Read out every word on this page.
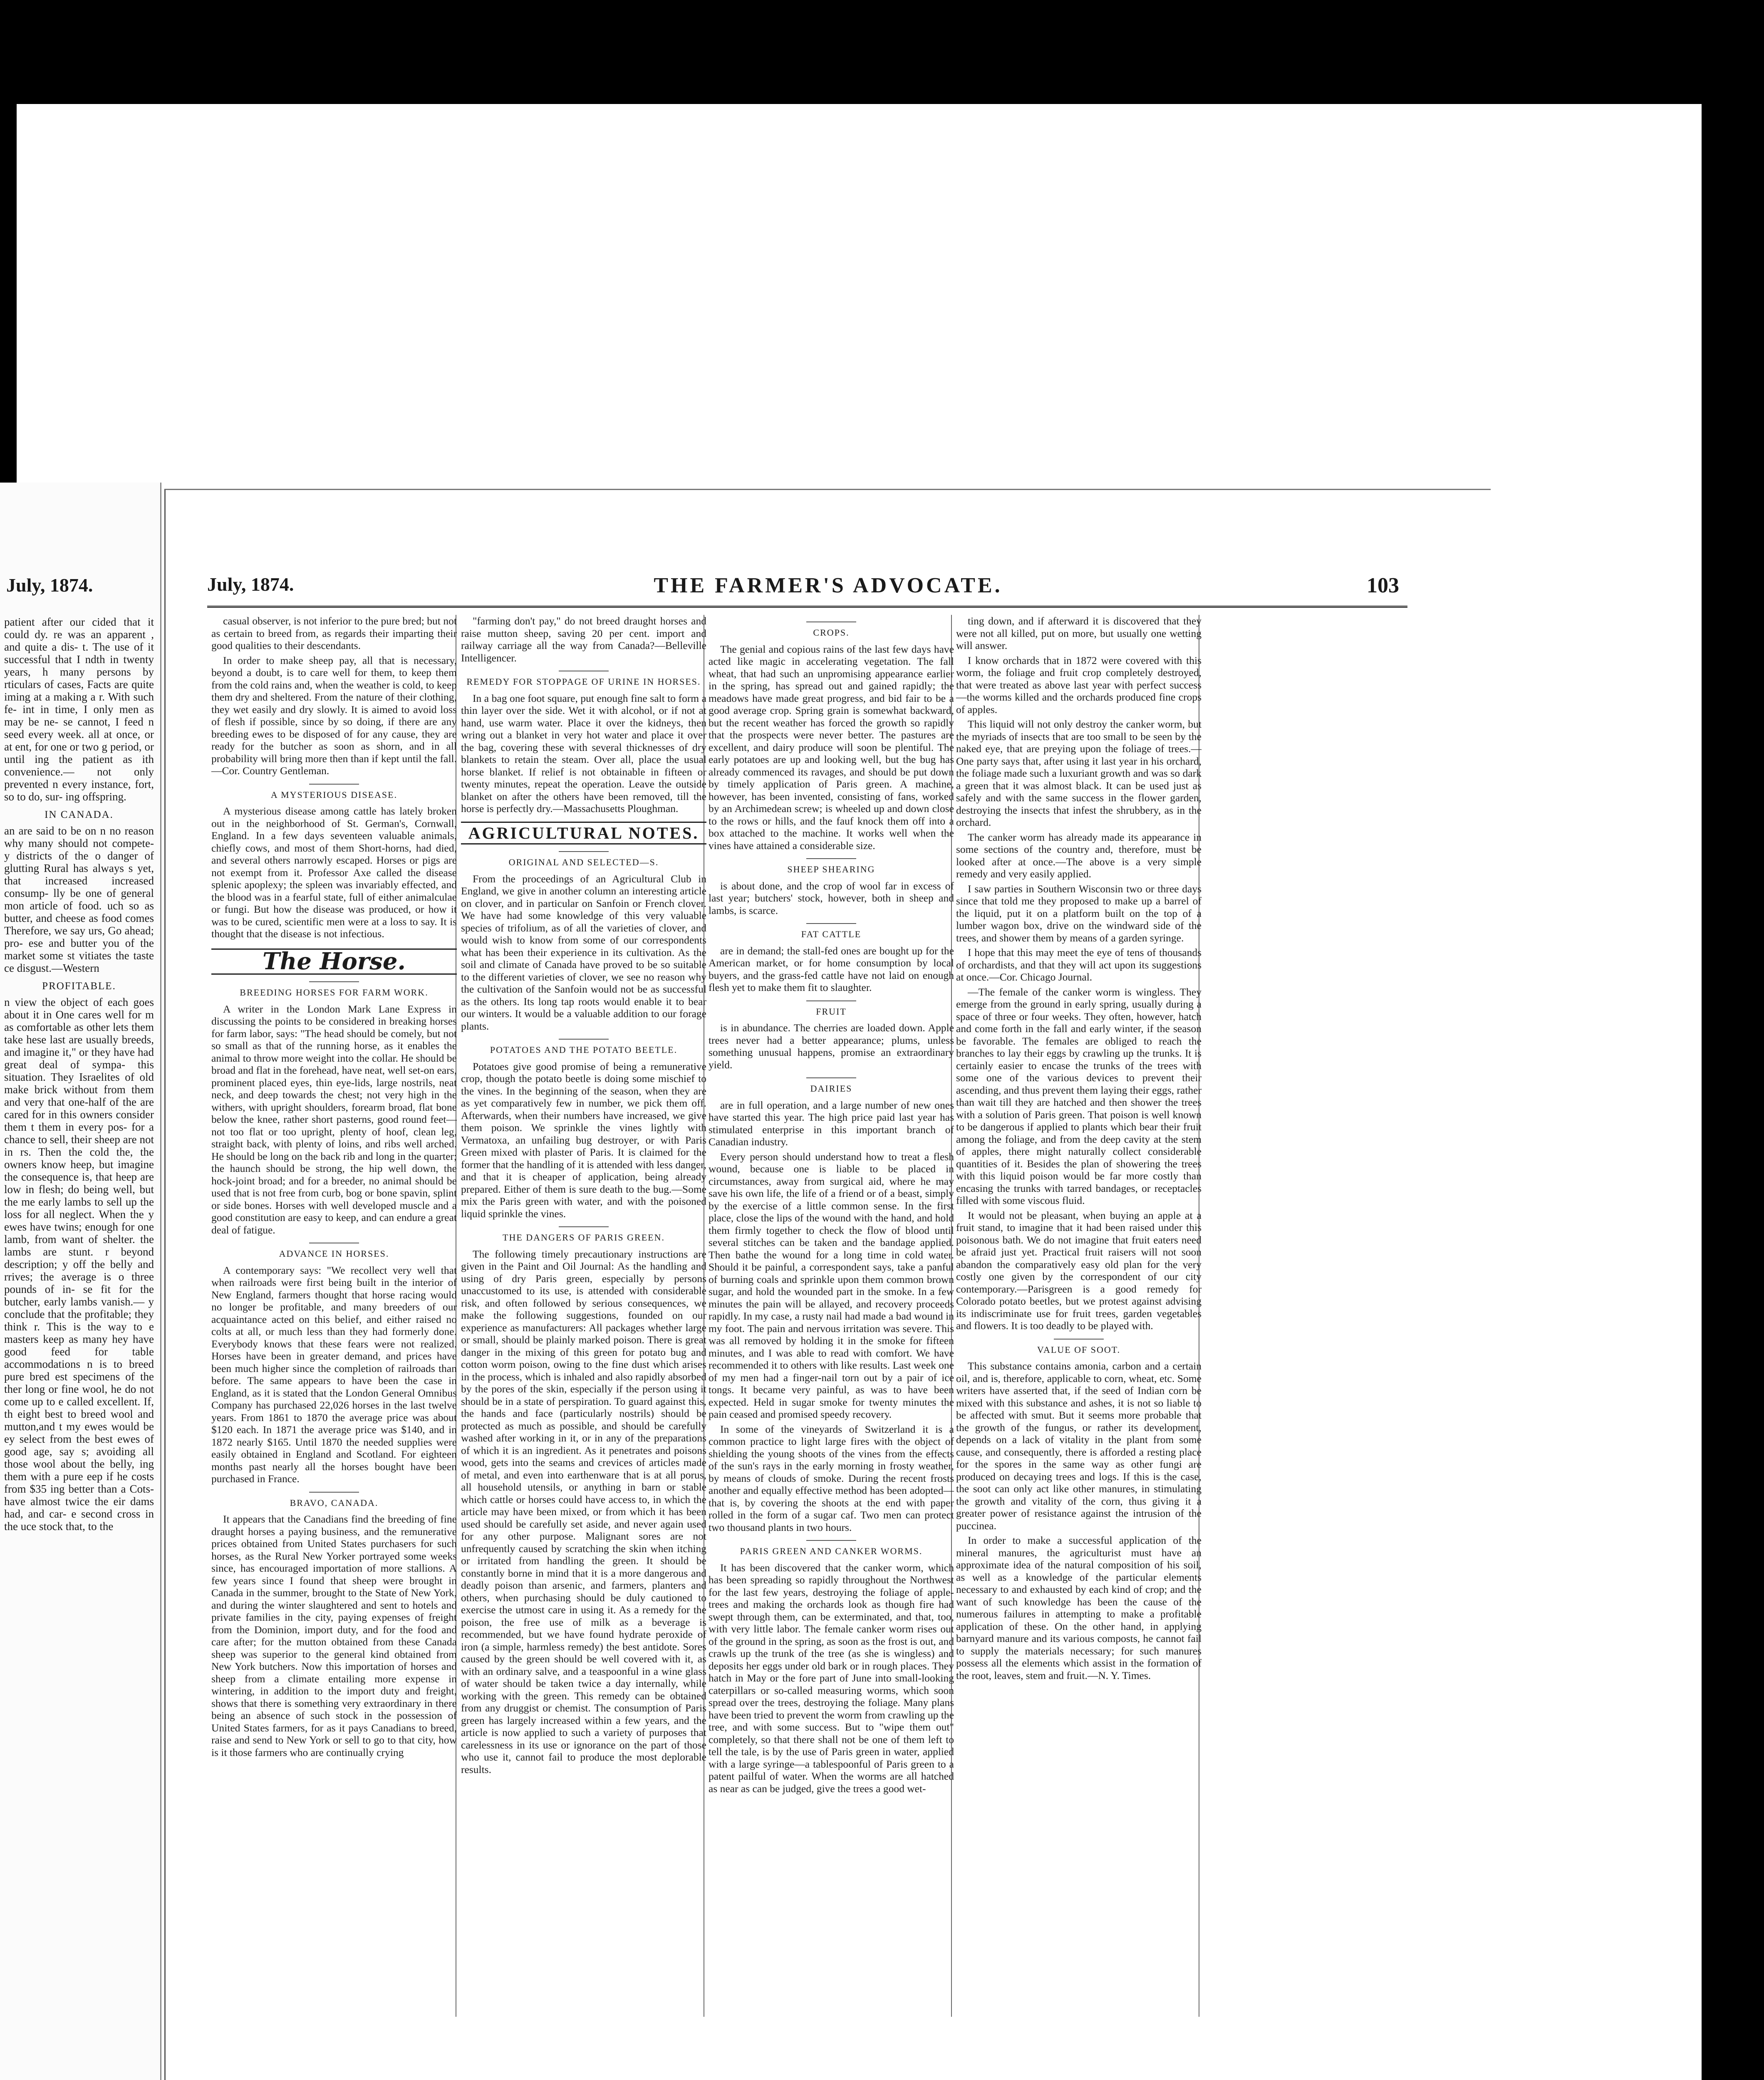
July, 1874.

patient after our cided that it could dy. re was an apparent , and quite a dis- t. The use of it successful that I ndth in twenty years, h many persons by rticulars of cases, Facts are quite iming at a making a r. With such fe- int in time, I only men as may be ne- se cannot, I feed n seed every week. all at once, or at ent, for one or two g period, or until ing the patient as ith convenience.— not only prevented n every instance, fort, so to do, sur- ing offspring.

IN CANADA.

an are said to be on n no reason why many should not compete- y districts of the o danger of glutting Rural has always s yet, that increased increased consump- lly be one of general mon article of food. uch so as butter, and cheese as food comes Therefore, we say urs, Go ahead; pro- ese and butter you of the market some st vitiates the taste ce disgust.—Western

PROFITABLE.

n view the object of each goes about it in One cares well for m as comfortable as other lets them take hese last are usually breeds, and imagine it," or they have had great deal of sympa- this situation. They Israelites of old make brick without from them and very that one-half of the are cared for in this owners consider them t them in every pos- for a chance to sell, their sheep are not in rs. Then the cold the, the owners know heep, but imagine the consequence is, that heep are low in flesh; do being well, but the me early lambs to sell up the loss for all neglect. When the y ewes have twins; enough for one lamb, from want of shelter. the lambs are stunt. r beyond description; y off the belly and rrives; the average is o three pounds of in- se fit for the butcher, early lambs vanish.— y conclude that the profitable; they think r. This is the way to e masters keep as many hey have good feed for table accommodations n is to breed pure bred est specimens of the ther long or fine wool, he do not come up to e called excellent. If, th eight best to breed wool and mutton,and t my ewes would be ey select from the best ewes of good age, say s; avoiding all those wool about the belly, ing them with a pure eep if he costs from $35 ing better than a Cots- have almost twice the eir dams had, and car- e second cross in the uce stock that, to the

July, 1874.	THE FARMER'S ADVOCATE.	103

casual observer, is not inferior to the pure bred; but not as certain to breed from, as regards their imparting their good qualities to their descendants.

In order to make sheep pay, all that is necessary, beyond a doubt, is to care well for them, to keep them from the cold rains and, when the weather is cold, to keep them dry and sheltered. From the nature of their clothing, they wet easily and dry slowly. It is aimed to avoid loss of flesh if possible, since by so doing, if there are any breeding ewes to be disposed of for any cause, they are ready for the butcher as soon as shorn, and in all probability will bring more then than if kept until the fall.—Cor. Country Gentleman.

A MYSTERIOUS DISEASE.

A mysterious disease among cattle has lately broken out in the neighborhood of St. German's, Cornwall, England. In a few days seventeen valuable animals, chiefly cows, and most of them Short-horns, had died, and several others narrowly escaped. Horses or pigs are not exempt from it. Professor Axe called the disease splenic apoplexy; the spleen was invariably effected, and the blood was in a fearful state, full of either animalculae or fungi. But how the disease was produced, or how it was to be cured, scientific men were at a loss to say. It is thought that the disease is not infectious.

The Horse.
BREEDING HORSES FOR FARM WORK.

A writer in the London Mark Lane Express in discussing the points to be considered in breaking horses for farm labor, says: "The head should be comely, but not so small as that of the running horse, as it enables the animal to throw more weight into the collar. He should be broad and flat in the forehead, have neat, well set-on ears, prominent placed eyes, thin eye-lids, large nostrils, neat neck, and deep towards the chest; not very high in the withers, with upright shoulders, forearm broad, flat bone below the knee, rather short pasterns, good round feet—not too flat or too upright, plenty of hoof, clean leg, straight back, with plenty of loins, and ribs well arched. He should be long on the back rib and long in the quarter; the haunch should be strong, the hip well down, the hock-joint broad; and for a breeder, no animal should be used that is not free from curb, bog or bone spavin, splint or side bones. Horses with well developed muscle and a good constitution are easy to keep, and can endure a great deal of fatigue.

ADVANCE IN HORSES.

A contemporary says: "We recollect very well that when railroads were first being built in the interior of New England, farmers thought that horse racing would no longer be profitable, and many breeders of our acquaintance acted on this belief, and either raised no colts at all, or much less than they had formerly done. Everybody knows that these fears were not realized. Horses have been in greater demand, and prices have been much higher since the completion of railroads than before. The same appears to have been the case in England, as it is stated that the London General Omnibus Company has purchased 22,026 horses in the last twelve years. From 1861 to 1870 the average price was about $120 each. In 1871 the average price was $140, and in 1872 nearly $165. Until 1870 the needed supplies were easily obtained in England and Scotland. For eighteen months past nearly all the horses bought have been purchased in France.

BRAVO, CANADA.

It appears that the Canadians find the breeding of fine draught horses a paying business, and the remunerative prices obtained from United States purchasers for such horses, as the Rural New Yorker portrayed some weeks since, has encouraged importation of more stallions. A few years since I found that sheep were brought in Canada in the summer, brought to the State of New York, and during the winter slaughtered and sent to hotels and private families in the city, paying expenses of freight from the Dominion, import duty, and for the food and care after; for the mutton obtained from these Canada sheep was superior to the general kind obtained from New York butchers. Now this importation of horses and sheep from a climate entailing more expense in wintering, in addition to the import duty and freight, shows that there is something very extraordinary in there being an absence of such stock in the possession of United States farmers, for as it pays Canadians to breed, raise and send to New York or sell to go to that city, how is it those farmers who are continually crying

"farming don't pay," do not breed draught horses and raise mutton sheep, saving 20 per cent. import and railway carriage all the way from Canada?—Belleville Intelligencer.

REMEDY FOR STOPPAGE OF URINE IN HORSES.

In a bag one foot square, put enough fine salt to form a thin layer over the side. Wet it with alcohol, or if not at hand, use warm water. Place it over the kidneys, then wring out a blanket in very hot water and place it over the bag, covering these with several thicknesses of dry blankets to retain the steam. Over all, place the usual horse blanket. If relief is not obtainable in fifteen or twenty minutes, repeat the operation. Leave the outside blanket on after the others have been removed, till the horse is perfectly dry.—Massachusetts Ploughman.

AGRICULTURAL NOTES.
ORIGINAL AND SELECTED—S.

From the proceedings of an Agricultural Club in England, we give in another column an interesting article on clover, and in particular on Sanfoin or French clover. We have had some knowledge of this very valuable species of trifolium, as of all the varieties of clover, and would wish to know from some of our correspondents what has been their experience in its cultivation. As the soil and climate of Canada have proved to be so suitable to the different varieties of clover, we see no reason why the cultivation of the Sanfoin would not be as successful as the others. Its long tap roots would enable it to bear our winters. It would be a valuable addition to our forage plants.

POTATOES AND THE POTATO BEETLE.

Potatoes give good promise of being a remunerative crop, though the potato beetle is doing some mischief to the vines. In the beginning of the season, when they are as yet comparatively few in number, we pick them off. Afterwards, when their numbers have increased, we give them poison. We sprinkle the vines lightly with Vermatoxa, an unfailing bug destroyer, or with Paris Green mixed with plaster of Paris. It is claimed for the former that the handling of it is attended with less danger, and that it is cheaper of application, being already prepared. Either of them is sure death to the bug.—Some mix the Paris green with water, and with the poisoned liquid sprinkle the vines.

THE DANGERS OF PARIS GREEN.

The following timely precautionary instructions are given in the Paint and Oil Journal: As the handling and using of dry Paris green, especially by persons unaccustomed to its use, is attended with considerable risk, and often followed by serious consequences, we make the following suggestions, founded on our experience as manufacturers: All packages whether large or small, should be plainly marked poison. There is great danger in the mixing of this green for potato bug and cotton worm poison, owing to the fine dust which arises in the process, which is inhaled and also rapidly absorbed by the pores of the skin, especially if the person using it should be in a state of perspiration. To guard against this, the hands and face (particularly nostrils) should be protected as much as possible, and should be carefully washed after working in it, or in any of the preparations of which it is an ingredient. As it penetrates and poisons wood, gets into the seams and crevices of articles made of metal, and even into earthenware that is at all porus, all household utensils, or anything in barn or stable which cattle or horses could have access to, in which the article may have been mixed, or from which it has been used should be carefully set aside, and never again used for any other purpose. Malignant sores are not unfrequently caused by scratching the skin when itching or irritated from handling the green. It should be constantly borne in mind that it is a more dangerous and deadly poison than arsenic, and farmers, planters and others, when purchasing should be duly cautioned to exercise the utmost care in using it. As a remedy for the poison, the free use of milk as a beverage is recommended, but we have found hydrate peroxide of iron (a simple, harmless remedy) the best antidote. Sores caused by the green should be well covered with it, as with an ordinary salve, and a teaspoonful in a wine glass of water should be taken twice a day internally, while working with the green. This remedy can be obtained from any druggist or chemist. The consumption of Paris green has largely increased within a few years, and the article is now applied to such a variety of purposes that carelessness in its use or ignorance on the part of those who use it, cannot fail to produce the most deplorable results.

CROPS.

The genial and copious rains of the last few days have acted like magic in accelerating vegetation. The fall wheat, that had such an unpromising appearance earlier in the spring, has spread out and gained rapidly; the meadows have made great progress, and bid fair to be a good average crop. Spring grain is somewhat backward, but the recent weather has forced the growth so rapidly that the prospects were never better. The pastures are excellent, and dairy produce will soon be plentiful. The early potatoes are up and looking well, but the bug has already commenced its ravages, and should be put down by timely application of Paris green. A machine, however, has been invented, consisting of fans, worked by an Archimedean screw; is wheeled up and down close to the rows or hills, and the fauf knock them off into a box attached to the machine. It works well when the vines have attained a considerable size.

SHEEP SHEARING

is about done, and the crop of wool far in excess of last year; butchers' stock, however, both in sheep and lambs, is scarce.

FAT CATTLE

are in demand; the stall-fed ones are bought up for the American market, or for home consumption by local buyers, and the grass-fed cattle have not laid on enough flesh yet to make them fit to slaughter.

FRUIT

is in abundance. The cherries are loaded down. Apple trees never had a better appearance; plums, unless something unusual happens, promise an extraordinary yield.

DAIRIES

are in full operation, and a large number of new ones have started this year. The high price paid last year has stimulated enterprise in this important branch of Canadian industry.

Every person should understand how to treat a flesh wound, because one is liable to be placed in circumstances, away from surgical aid, where he may save his own life, the life of a friend or of a beast, simply by the exercise of a little common sense. In the first place, close the lips of the wound with the hand, and hold them firmly together to check the flow of blood until several stitches can be taken and the bandage applied. Then bathe the wound for a long time in cold water. Should it be painful, a correspondent says, take a panful of burning coals and sprinkle upon them common brown sugar, and hold the wounded part in the smoke. In a few minutes the pain will be allayed, and recovery proceeds rapidly. In my case, a rusty nail had made a bad wound in my foot. The pain and nervous irritation was severe. This was all removed by holding it in the smoke for fifteen minutes, and I was able to read with comfort. We have recommended it to others with like results. Last week one of my men had a finger-nail torn out by a pair of ice tongs. It became very painful, as was to have been expected. Held in sugar smoke for twenty minutes the pain ceased and promised speedy recovery.

In some of the vineyards of Switzerland it is a common practice to light large fires with the object of shielding the young shoots of the vines from the effects of the sun's rays in the early morning in frosty weather, by means of clouds of smoke. During the recent frosts another and equally effective method has been adopted—that is, by covering the shoots at the end with paper rolled in the form of a sugar caf. Two men can protect two thousand plants in two hours.

PARIS GREEN AND CANKER WORMS.

It has been discovered that the canker worm, which has been spreading so rapidly throughout the Northwest for the last few years, destroying the foliage of apple-trees and making the orchards look as though fire had swept through them, can be exterminated, and that, too, with very little labor. The female canker worm rises out of the ground in the spring, as soon as the frost is out, and crawls up the trunk of the tree (as she is wingless) and deposits her eggs under old bark or in rough places. They hatch in May or the fore part of June into small-looking caterpillars or so-called measuring worms, which soon spread over the trees, destroying the foliage. Many plans have been tried to prevent the worm from crawling up the tree, and with some success. But to "wipe them out" completely, so that there shall not be one of them left to tell the tale, is by the use of Paris green in water, applied with a large syringe—a tablespoonful of Paris green to a patent pailful of water. When the worms are all hatched as near as can be judged, give the trees a good wet-

ting down, and if afterward it is discovered that they were not all killed, put on more, but usually one wetting will answer.

I know orchards that in 1872 were covered with this worm, the foliage and fruit crop completely destroyed, that were treated as above last year with perfect success—the worms killed and the orchards produced fine crops of apples.

This liquid will not only destroy the canker worm, but the myriads of insects that are too small to be seen by the naked eye, that are preying upon the foliage of trees.—One party says that, after using it last year in his orchard, the foliage made such a luxuriant growth and was so dark a green that it was almost black. It can be used just as safely and with the same success in the flower garden, destroying the insects that infest the shrubbery, as in the orchard.

The canker worm has already made its appearance in some sections of the country and, therefore, must be looked after at once.—The above is a very simple remedy and very easily applied.

I saw parties in Southern Wisconsin two or three days since that told me they proposed to make up a barrel of the liquid, put it on a platform built on the top of a lumber wagon box, drive on the windward side of the trees, and shower them by means of a garden syringe.

I hope that this may meet the eye of tens of thousands of orchardists, and that they will act upon its suggestions at once.—Cor. Chicago Journal.

—The female of the canker worm is wingless. They emerge from the ground in early spring, usually during a space of three or four weeks. They often, however, hatch and come forth in the fall and early winter, if the season be favorable. The females are obliged to reach the branches to lay their eggs by crawling up the trunks. It is certainly easier to encase the trunks of the trees with some one of the various devices to prevent their ascending, and thus prevent them laying their eggs, rather than wait till they are hatched and then shower the trees with a solution of Paris green. That poison is well known to be dangerous if applied to plants which bear their fruit among the foliage, and from the deep cavity at the stem of apples, there might naturally collect considerable quantities of it. Besides the plan of showering the trees with this liquid poison would be far more costly than encasing the trunks with tarred bandages, or receptacles filled with some viscous fluid.

It would not be pleasant, when buying an apple at a fruit stand, to imagine that it had been raised under this poisonous bath. We do not imagine that fruit eaters need be afraid just yet. Practical fruit raisers will not soon abandon the comparatively easy old plan for the very costly one given by the correspondent of our city contemporary.—Parisgreen is a good remedy for Colorado potato beetles, but we protest against advising its indiscriminate use for fruit trees, garden vegetables and flowers. It is too deadly to be played with.

VALUE OF SOOT.

This substance contains amonia, carbon and a certain oil, and is, therefore, applicable to corn, wheat, etc. Some writers have asserted that, if the seed of Indian corn be mixed with this substance and ashes, it is not so liable to be affected with smut. But it seems more probable that the growth of the fungus, or rather its development, depends on a lack of vitality in the plant from some cause, and consequently, there is afforded a resting place for the spores in the same way as other fungi are produced on decaying trees and logs. If this is the case, the soot can only act like other manures, in stimulating the growth and vitality of the corn, thus giving it a greater power of resistance against the intrusion of the puccinea.

In order to make a successful application of the mineral manures, the agriculturist must have an approximate idea of the natural composition of his soil, as well as a knowledge of the particular elements necessary to and exhausted by each kind of crop; and the want of such knowledge has been the cause of the numerous failures in attempting to make a profitable application of these. On the other hand, in applying barnyard manure and its various composts, he cannot fail to supply the materials necessary; for such manures possess all the elements which assist in the formation of the root, leaves, stem and fruit.—N. Y. Times.
